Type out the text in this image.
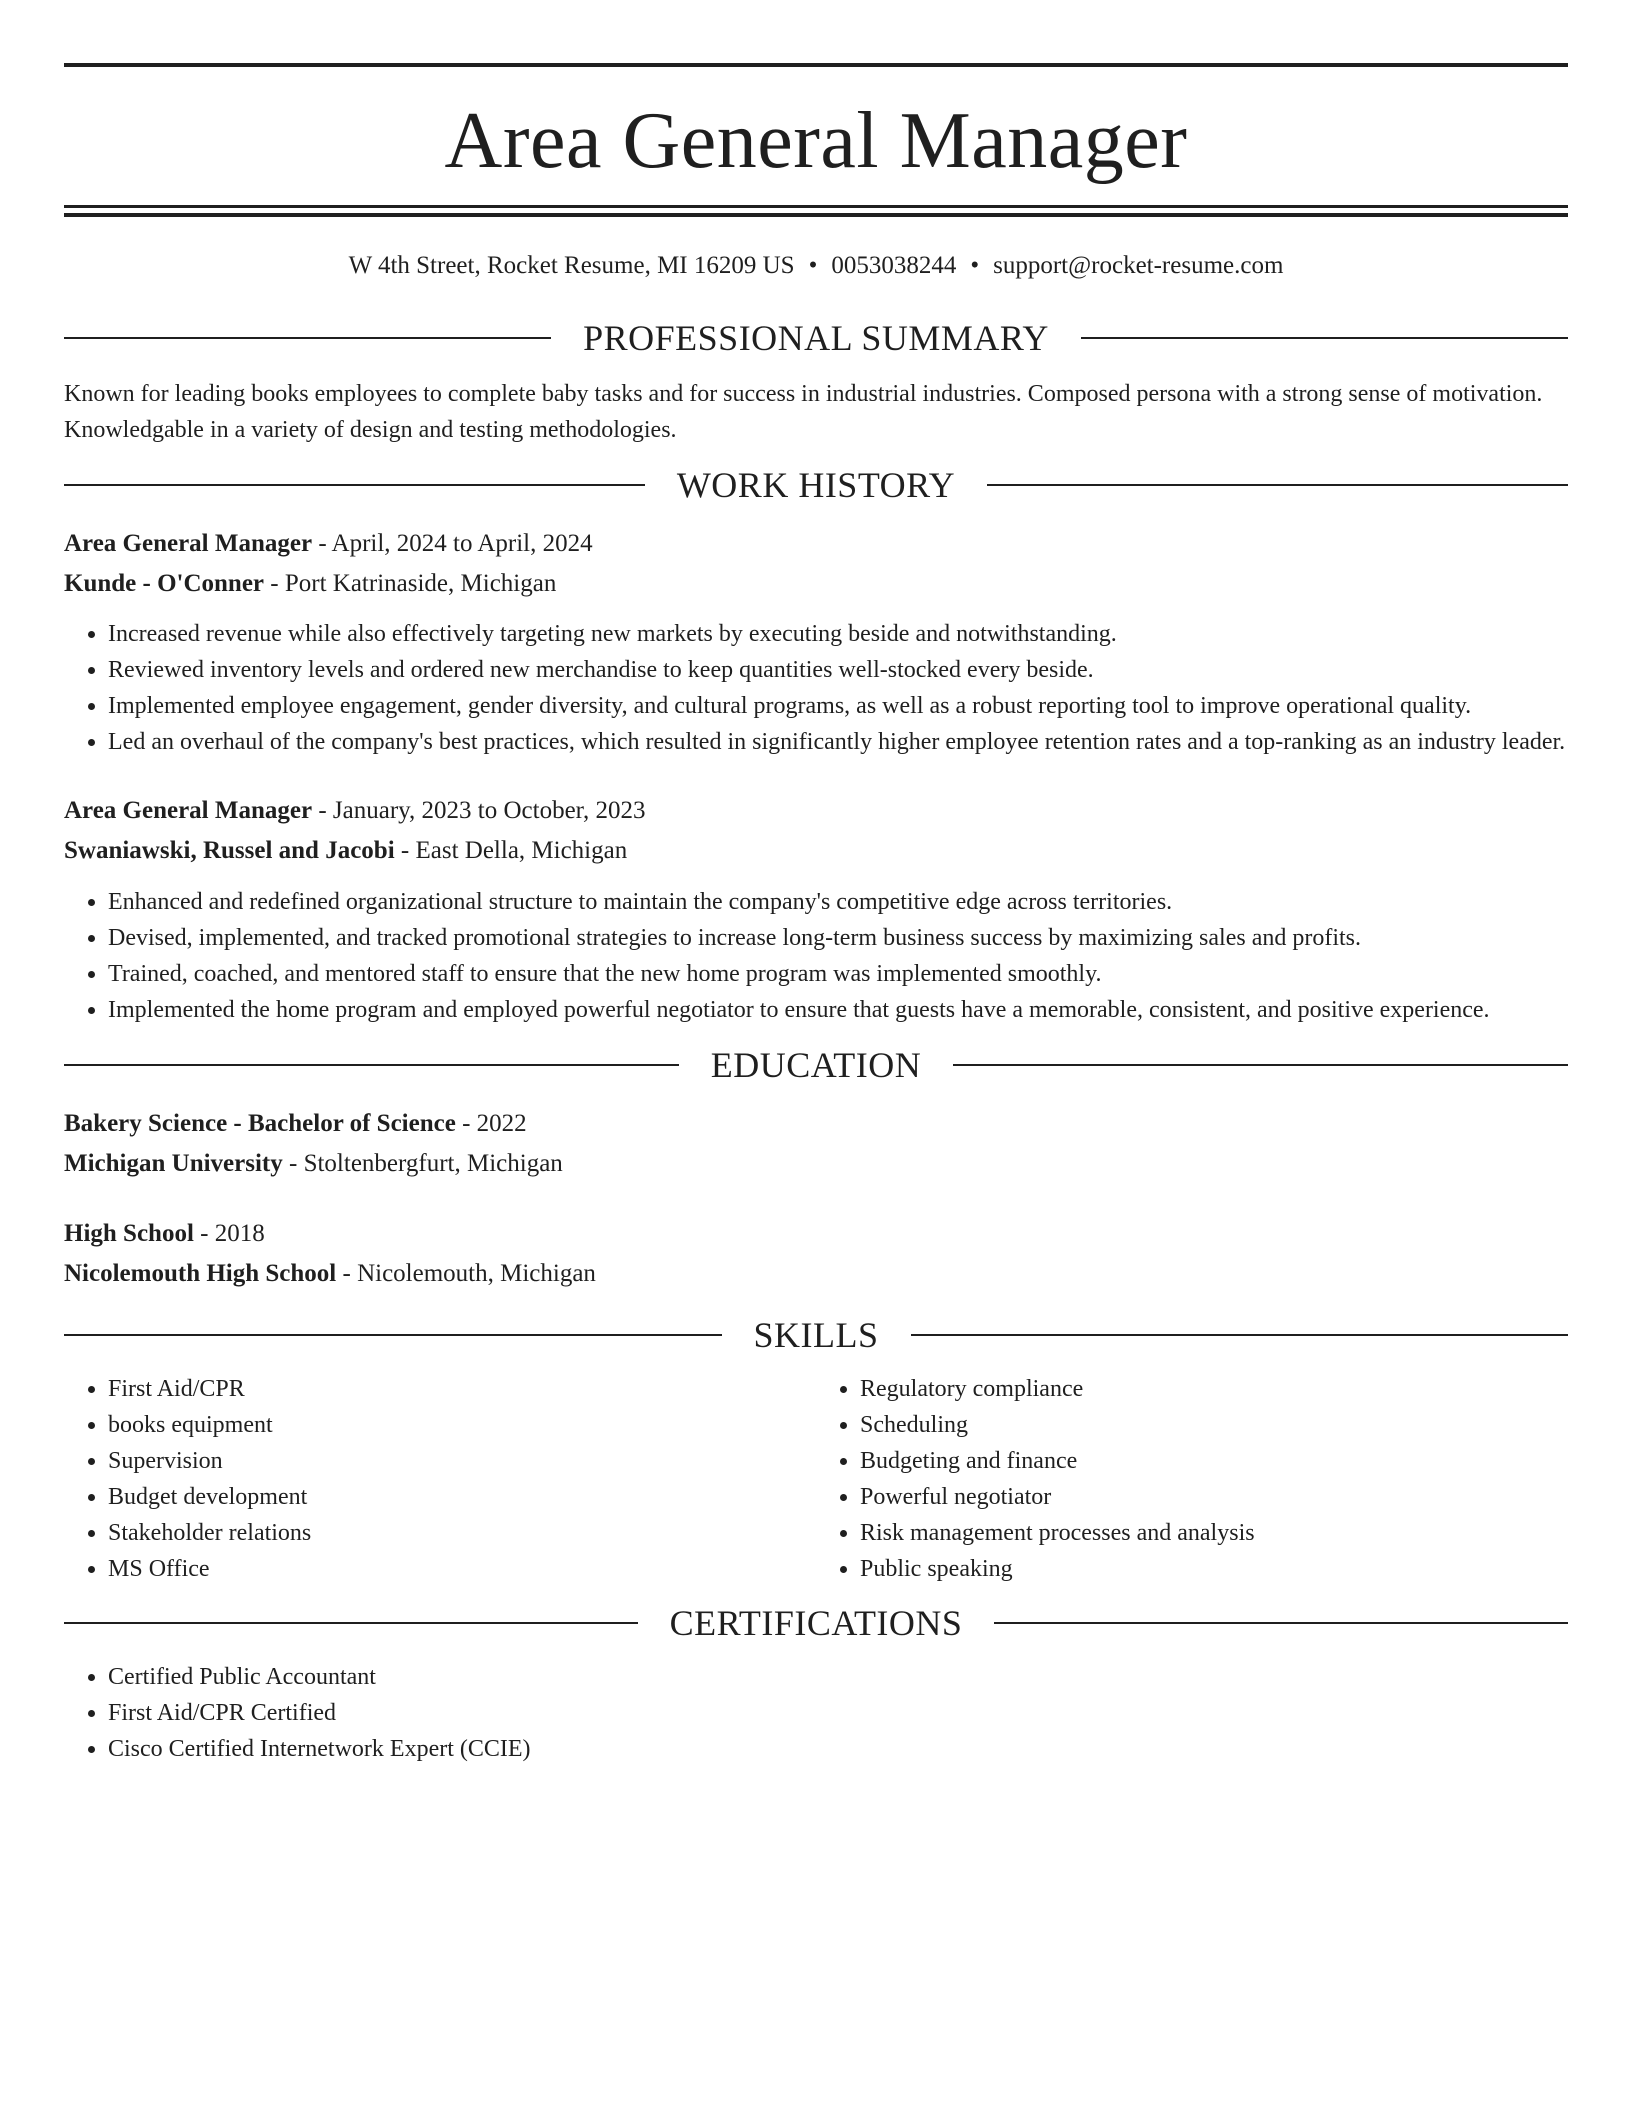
Area General Manager
W 4th Street, Rocket Resume, MI 16209 US • 0053038244 • support@rocket-resume.com
PROFESSIONAL SUMMARY

Known for leading books employees to complete baby tasks and for success in industrial industries. Composed persona with a strong sense of motivation. Knowledgable in a variety of design and testing methodologies.

WORK HISTORY
Area General Manager - April, 2024 to April, 2024
Kunde - O'Conner - Port Katrinaside, Michigan
• Increased revenue while also effectively targeting new markets by executing beside and notwithstanding.
• Reviewed inventory levels and ordered new merchandise to keep quantities well-stocked every beside.
• Implemented employee engagement, gender diversity, and cultural programs, as well as a robust reporting tool to improve operational quality.
• Led an overhaul of the company's best practices, which resulted in significantly higher employee retention rates and a top-ranking as an industry leader.
Area General Manager - January, 2023 to October, 2023
Swaniawski, Russel and Jacobi - East Della, Michigan
• Enhanced and redefined organizational structure to maintain the company's competitive edge across territories.
• Devised, implemented, and tracked promotional strategies to increase long-term business success by maximizing sales and profits.
• Trained, coached, and mentored staff to ensure that the new home program was implemented smoothly.
• Implemented the home program and employed powerful negotiator to ensure that guests have a memorable, consistent, and positive experience.
EDUCATION
Bakery Science - Bachelor of Science - 2022
Michigan University - Stoltenbergfurt, Michigan
High School - 2018
Nicolemouth High School - Nicolemouth, Michigan
SKILLS
• First Aid/CPR
• books equipment
• Supervision
• Budget development
• Stakeholder relations
• MS Office
• Regulatory compliance
• Scheduling
• Budgeting and finance
• Powerful negotiator
• Risk management processes and analysis
• Public speaking
CERTIFICATIONS
• Certified Public Accountant
• First Aid/CPR Certified
• Cisco Certified Internetwork Expert (CCIE)
